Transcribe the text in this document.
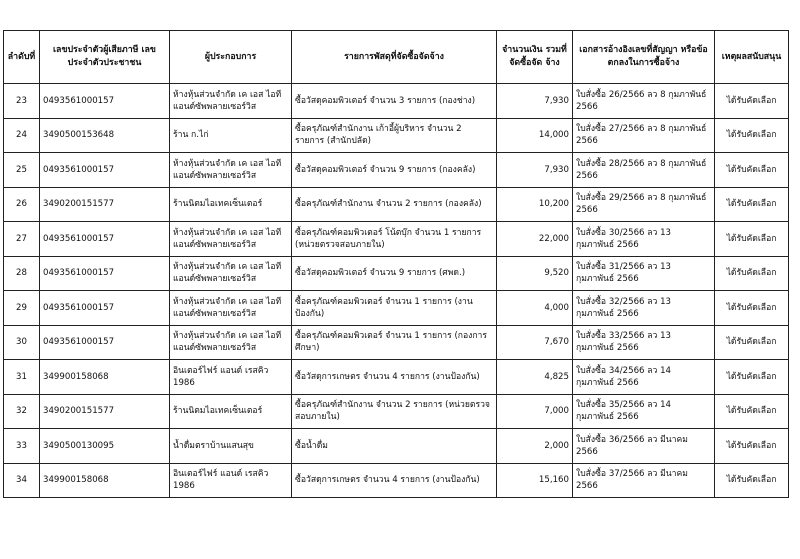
ลำดับที่	เลขประจำตัวผู้เสียภาษี เลขประจำตัวประชาชน	ผู้ประกอบการ	รายการพัสดุที่จัดซื้อจัดจ้าง	จำนวนเงิน รวมที่จัดซื้อจัด จ้าง	เอกสารอ้างอิงเลขที่สัญญา หรือข้อตกลงในการซื้อจ้าง	เหตุผลสนับสนุน
23	0493561000157	ห้างหุ้นส่วนจำกัด เค เอส ไอที แอนด์ซัพพลายเซอร์วิส	ซื้อวัสดุคอมพิวเตอร์ จำนวน 3 รายการ (กองช่าง)	7,930	ใบสั่งซื้อ 26/2566 ลว 8 กุมภาพันธ์ 2566	ได้รับคัดเลือก
24	3490500153648	ร้าน ก.ไก่	ซื้อครุภัณฑ์สำนักงาน เก้าอี้ผู้บริหาร จำนวน 2 รายการ (สำนักปลัด)	14,000	ใบสั่งซื้อ 27/2566 ลว 8 กุมภาพันธ์ 2566	ได้รับคัดเลือก
25	0493561000157	ห้างหุ้นส่วนจำกัด เค เอส ไอที แอนด์ซัพพลายเซอร์วิส	ซื้อวัสดุคอมพิวเตอร์ จำนวน 9 รายการ (กองคลัง)	7,930	ใบสั่งซื้อ 28/2566 ลว 8 กุมภาพันธ์ 2566	ได้รับคัดเลือก
26	3490200151577	ร้านนิตมไอเทคเซ็นเตอร์	ซื้อครุภัณฑ์สำนักงาน จำนวน 2 รายการ (กองคลัง)	10,200	ใบสั่งซื้อ 29/2566 ลว 8 กุมภาพันธ์ 2566	ได้รับคัดเลือก
27	0493561000157	ห้างหุ้นส่วนจำกัด เค เอส ไอที แอนด์ซัพพลายเซอร์วิส	ซื้อครุภัณฑ์คอมพิวเตอร์ โน้ตบุ๊ก จำนวน 1 รายการ (หน่วยตรวจสอบภายใน)	22,000	ใบสั่งซื้อ 30/2566 ลว 13 กุมภาพันธ์ 2566	ได้รับคัดเลือก
28	0493561000157	ห้างหุ้นส่วนจำกัด เค เอส ไอที แอนด์ซัพพลายเซอร์วิส	ซื้อวัสดุคอมพิวเตอร์ จำนวน 9 รายการ (ศพด.)	9,520	ใบสั่งซื้อ 31/2566 ลว 13 กุมภาพันธ์ 2566	ได้รับคัดเลือก
29	0493561000157	ห้างหุ้นส่วนจำกัด เค เอส ไอที แอนด์ซัพพลายเซอร์วิส	ซื้อครุภัณฑ์คอมพิวเตอร์ จำนวน 1 รายการ (งานป้องกัน)	4,000	ใบสั่งซื้อ 32/2566 ลว 13 กุมภาพันธ์ 2566	ได้รับคัดเลือก
30	0493561000157	ห้างหุ้นส่วนจำกัด เค เอส ไอที แอนด์ซัพพลายเซอร์วิส	ซื้อครุภัณฑ์คอมพิวเตอร์ จำนวน 1 รายการ (กองการศึกษา)	7,670	ใบสั่งซื้อ 33/2566 ลว 13 กุมภาพันธ์ 2566	ได้รับคัดเลือก
31	349900158068	อินเตอร์ไฟร์ แอนด์ เรสคิว 1986	ซื้อวัสดุการเกษตร จำนวน 4 รายการ (งานป้องกัน)	4,825	ใบสั่งซื้อ 34/2566 ลว 14 กุมภาพันธ์ 2566	ได้รับคัดเลือก
32	3490200151577	ร้านนิตมไอเทคเซ็นเตอร์	ซื้อครุภัณฑ์สำนักงาน จำนวน 2 รายการ (หน่วยตรวจสอบภายใน)	7,000	ใบสั่งซื้อ 35/2566 ลว 14 กุมภาพันธ์ 2566	ได้รับคัดเลือก
33	3490500130095	น้ำดื่มตราบ้านแสนสุข	ซื้อน้ำดื่ม	2,000	ใบสั่งซื้อ 36/2566 ลว มีนาคม 2566	ได้รับคัดเลือก
34	349900158068	อินเตอร์ไฟร์ แอนด์ เรสคิว 1986	ซื้อวัสดุการเกษตร จำนวน 4 รายการ (งานป้องกัน)	15,160	ใบสั่งซื้อ 37/2566 ลว มีนาคม 2566	ได้รับคัดเลือก
